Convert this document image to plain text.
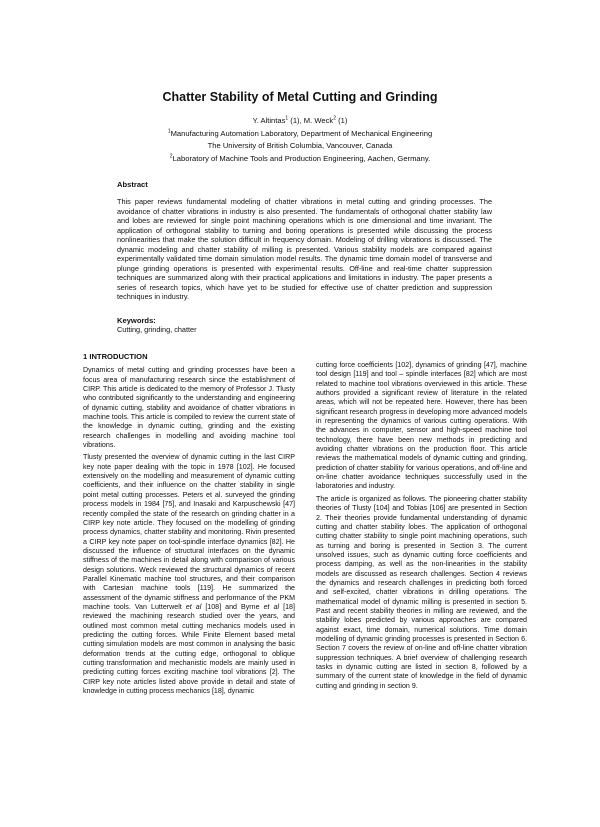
Chatter Stability of Metal Cutting and Grinding

Y. Altintas$^1$ (1), M. Weck$^2$ (1)

$^1$Manufacturing Automation Laboratory, Department of Mechanical Engineering

The University of British Columbia, Vancouver, Canada

$^2$Laboratory of Machine Tools and Production Engineering, Aachen, Germany.

Abstract

This paper reviews fundamental modeling of chatter vibrations in metal cutting and grinding processes. The avoidance of chatter vibrations in industry is also presented. The fundamentals of orthogonal chatter stability law and lobes are reviewed for single point machining operations which is one dimensional and time invariant. The application of orthogonal stability to turning and boring operations is presented while discussing the process nonlinearities that make the solution difficult in frequency domain. Modeling of drilling vibrations is discussed. The dynamic modeling and chatter stability of milling is presented. Various stability models are compared against experimentally validated time domain simulation model results. The dynamic time domain model of transverse and plunge grinding operations is presented with experimental results. Off-line and real-time chatter suppression techniques are summarized along with their practical applications and limitations in industry. The paper presents a series of research topics, which have yet to be studied for effective use of chatter prediction and suppression techniques in industry.

Keywords:
Cutting, grinding, chatter

1 INTRODUCTION

Dynamics of metal cutting and grinding processes have been a focus area of manufacturing research since the establishment of CIRP. This article is dedicated to the memory of Professor J. Tlusty who contributed significantly to the understanding and engineering of dynamic cutting, stability and avoidance of chatter vibrations in machine tools. This article is compiled to review the current state of the knowledge in dynamic cutting, grinding and the existing research challenges in modelling and avoiding machine tool vibrations.

Tlusty presented the overview of dynamic cutting in the last CIRP key note paper dealing with the topic in 1978 [102]. He focused extensively on the modelling and measurement of dynamic cutting coefficients, and their influence on the chatter stability in single point metal cutting processes. Peters et al. surveyed the grinding process models in 1984 [75], and Inasaki and Karpuschewski [47] recently compiled the state of the research on grinding chatter in a CIRP key note article. They focused on the modelling of grinding process dynamics, chatter stability and monitoring. Rivin presented a CIRP key note paper on tool-spindle interface dynamics [82]. He discussed the influence of structural interfaces on the dynamic stiffness of the machines in detail along with comparison of various design solutions. Weck reviewed the structural dynamics of recent Parallel Kinematic machine tool structures, and their comparison with Cartesian machine tools [119]. He summarized the assessment of the dynamic stiffness and performance of the PKM machine tools. Van Lutterwelt et al [108] and Byrne et al [18] reviewed the machining research studied over the years, and outlined most common metal cutting mechanics models used in predicting the cutting forces. While Finite Element based metal cutting simulation models are most common in analysing the basic deformation trends at the cutting edge, orthogonal to oblique cutting transformation and mechanistic models are mainly used in predicting cutting forces exciting machine tool vibrations [2]. The CIRP key note articles listed above provide in detail and state of knowledge in cutting process mechanics [18], dynamic

cutting force coefficients [102], dynamics of grinding [47], machine tool design [119] and tool – spindle interfaces [82] which are most related to machine tool vibrations overviewed in this article. These authors provided a significant review of literature in the related areas, which will not be repeated here. However, there has been significant research progress in developing more advanced models in representing the dynamics of various cutting operations. With the advances in computer, sensor and high-speed machine tool technology, there have been new methods in predicting and avoiding chatter vibrations on the production floor. This article reviews the mathematical models of dynamic cutting and grinding, prediction of chatter stability for various operations, and off-line and on-line chatter avoidance techniques successfully used in the laboratories and industry.

The article is organized as follows. The pioneering chatter stability theories of Tlusty [104] and Tobias [106] are presented in Section 2. Their theories provide fundamental understanding of dynamic cutting and chatter stability lobes. The application of orthogonal cutting chatter stability to single point machining operations, such as turning and boring is presented in Section 3. The current unsolved issues, such as dynamic cutting force coefficients and process damping, as well as the non-linearities in the stability models are discussed as research challenges. Section 4 reviews the dynamics and research challenges in predicting both forced and self-excited, chatter vibrations in drilling operations. The mathematical model of dynamic milling is presented in section 5. Past and recent stability theories in milling are reviewed, and the stability lobes predicted by various approaches are compared against exact, time domain, numerical solutions. Time domain modelling of dynamic grinding processes is presented in Section 6. Section 7 covers the review of on-line and off-line chatter vibration suppression techniques. A brief overview of challenging research tasks in dynamic cutting are listed in section 8, followed by a summary of the current state of knowledge in the field of dynamic cutting and grinding in section 9.
